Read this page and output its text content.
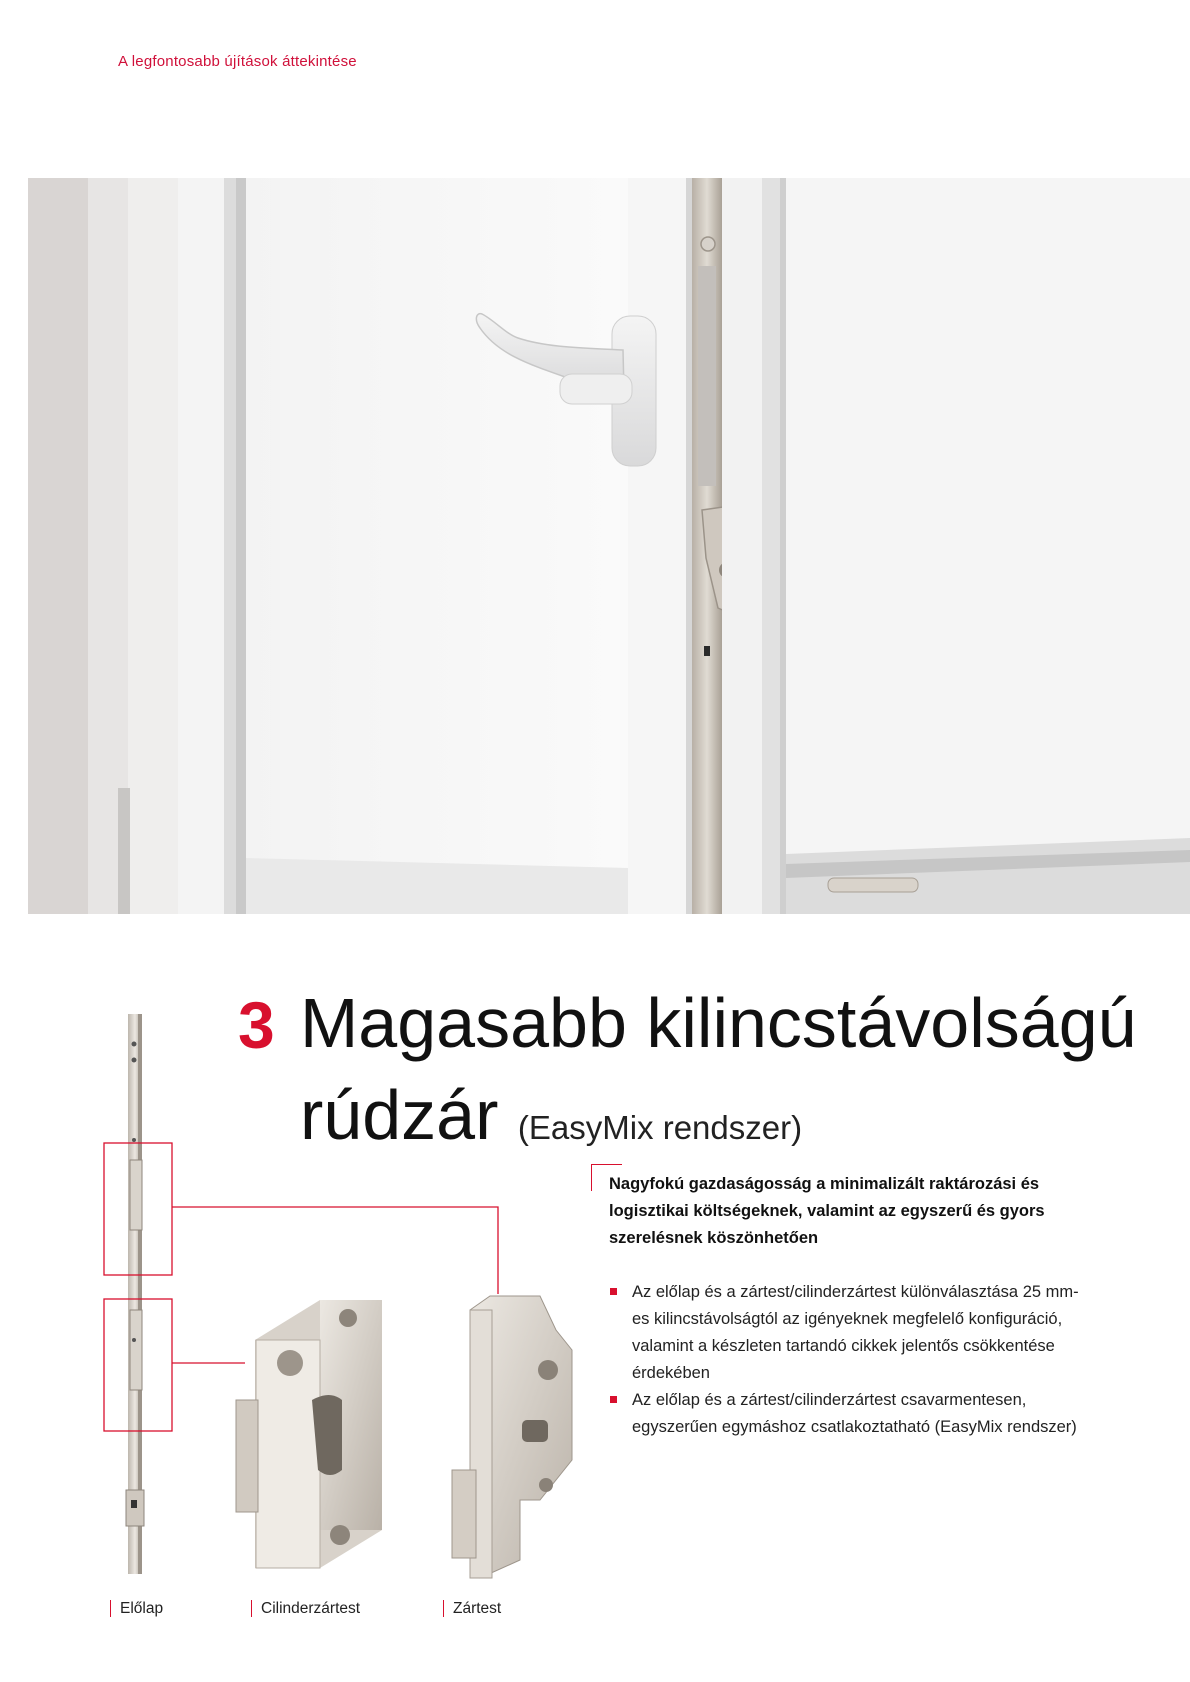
A legfontosabb újítások áttekintése
3 Magasabb kilincstávolságú
rúdzár (EasyMix rendszer)
Nagyfokú gazdaságosság a minimalizált raktározási és logisztikai költségeknek, valamint az egyszerű és gyors szerelésnek köszönhetően
Az előlap és a zártest/cilinderzártest különválasztása 25 mm-es kilincstávolságtól az igényeknek megfelelő konfiguráció, valamint a készleten tartandó cikkek jelentős csökkentése érdekében
Az előlap és a zártest/cilinderzártest csavarmentesen, egyszerűen egymáshoz csatlakoztatható (EasyMix rendszer)
Előlap	Cilinderzártest	Zártest
